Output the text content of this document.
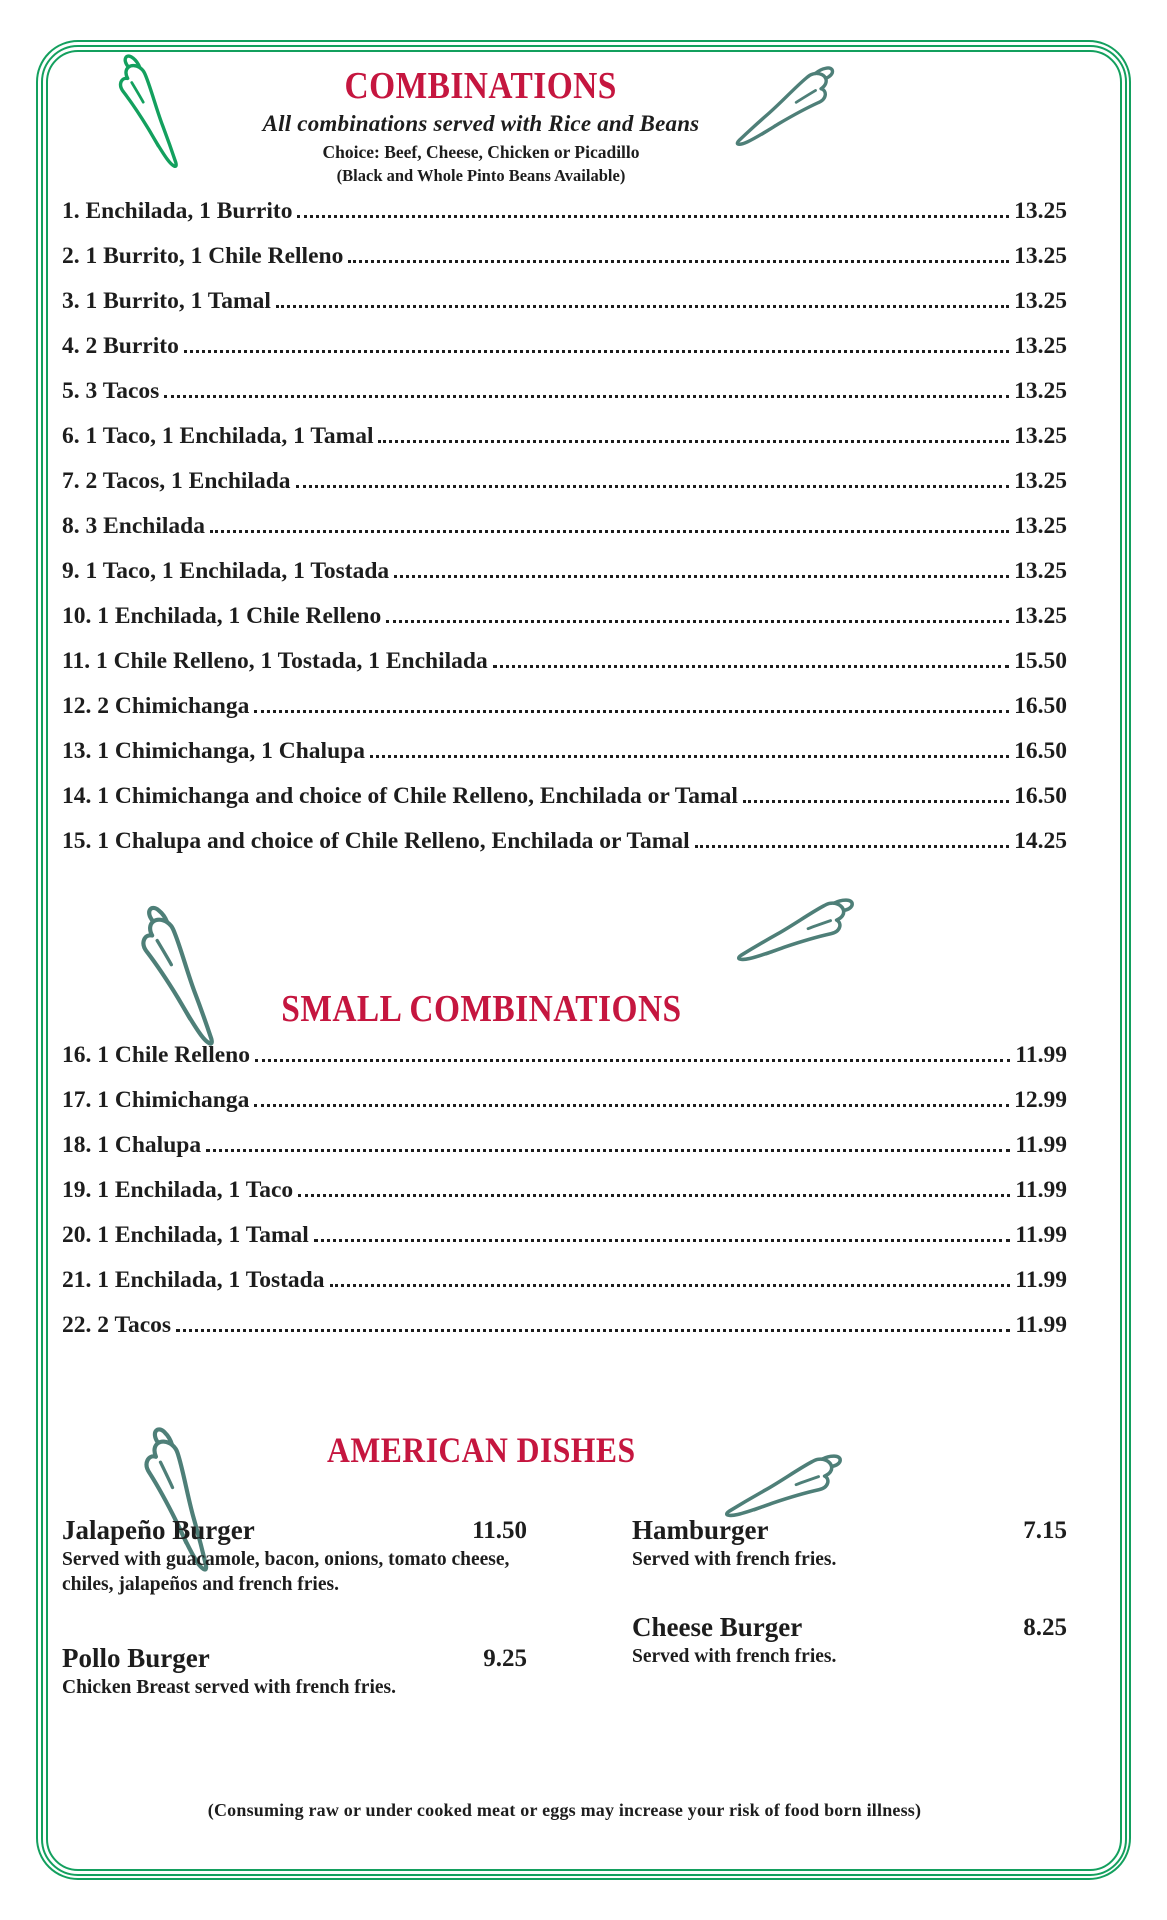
COMBINATIONS

All combinations served with Rice and Beans

Choice: Beef, Cheese, Chicken or Picadillo

(Black and Whole Pinto Beans Available)

1. Enchilada, 1 Burrito	13.25
2. 1 Burrito, 1 Chile Relleno	13.25
3. 1 Burrito, 1 Tamal	13.25
4. 2 Burrito	13.25
5. 3 Tacos	13.25
6. 1 Taco, 1 Enchilada, 1 Tamal	13.25
7. 2 Tacos, 1 Enchilada	13.25
8. 3 Enchilada	13.25
9. 1 Taco, 1 Enchilada, 1 Tostada	13.25
10. 1 Enchilada, 1 Chile Relleno	13.25
11. 1 Chile Relleno, 1 Tostada, 1 Enchilada	15.50
12. 2 Chimichanga	16.50
13. 1 Chimichanga, 1 Chalupa	16.50
14. 1 Chimichanga and choice of Chile Relleno, Enchilada or Tamal	16.50
15. 1 Chalupa and choice of Chile Relleno, Enchilada or Tamal	14.25
SMALL COMBINATIONS
16. 1 Chile Relleno	11.99
17. 1 Chimichanga	12.99
18. 1 Chalupa	11.99
19. 1 Enchilada, 1 Taco	11.99
20. 1 Enchilada, 1 Tamal	11.99
21. 1 Enchilada, 1 Tostada	11.99
22. 2 Tacos	11.99
AMERICAN DISHES
Jalapeño Burger	11.50

Served with guacamole, bacon, onions, tomato cheese, chiles, jalapeños and french fries.

Pollo Burger	9.25

Chicken Breast served with french fries.

Hamburger	7.15

Served with french fries.

Cheese Burger	8.25

Served with french fries.

(Consuming raw or under cooked meat or eggs may increase your risk of food born illness)
